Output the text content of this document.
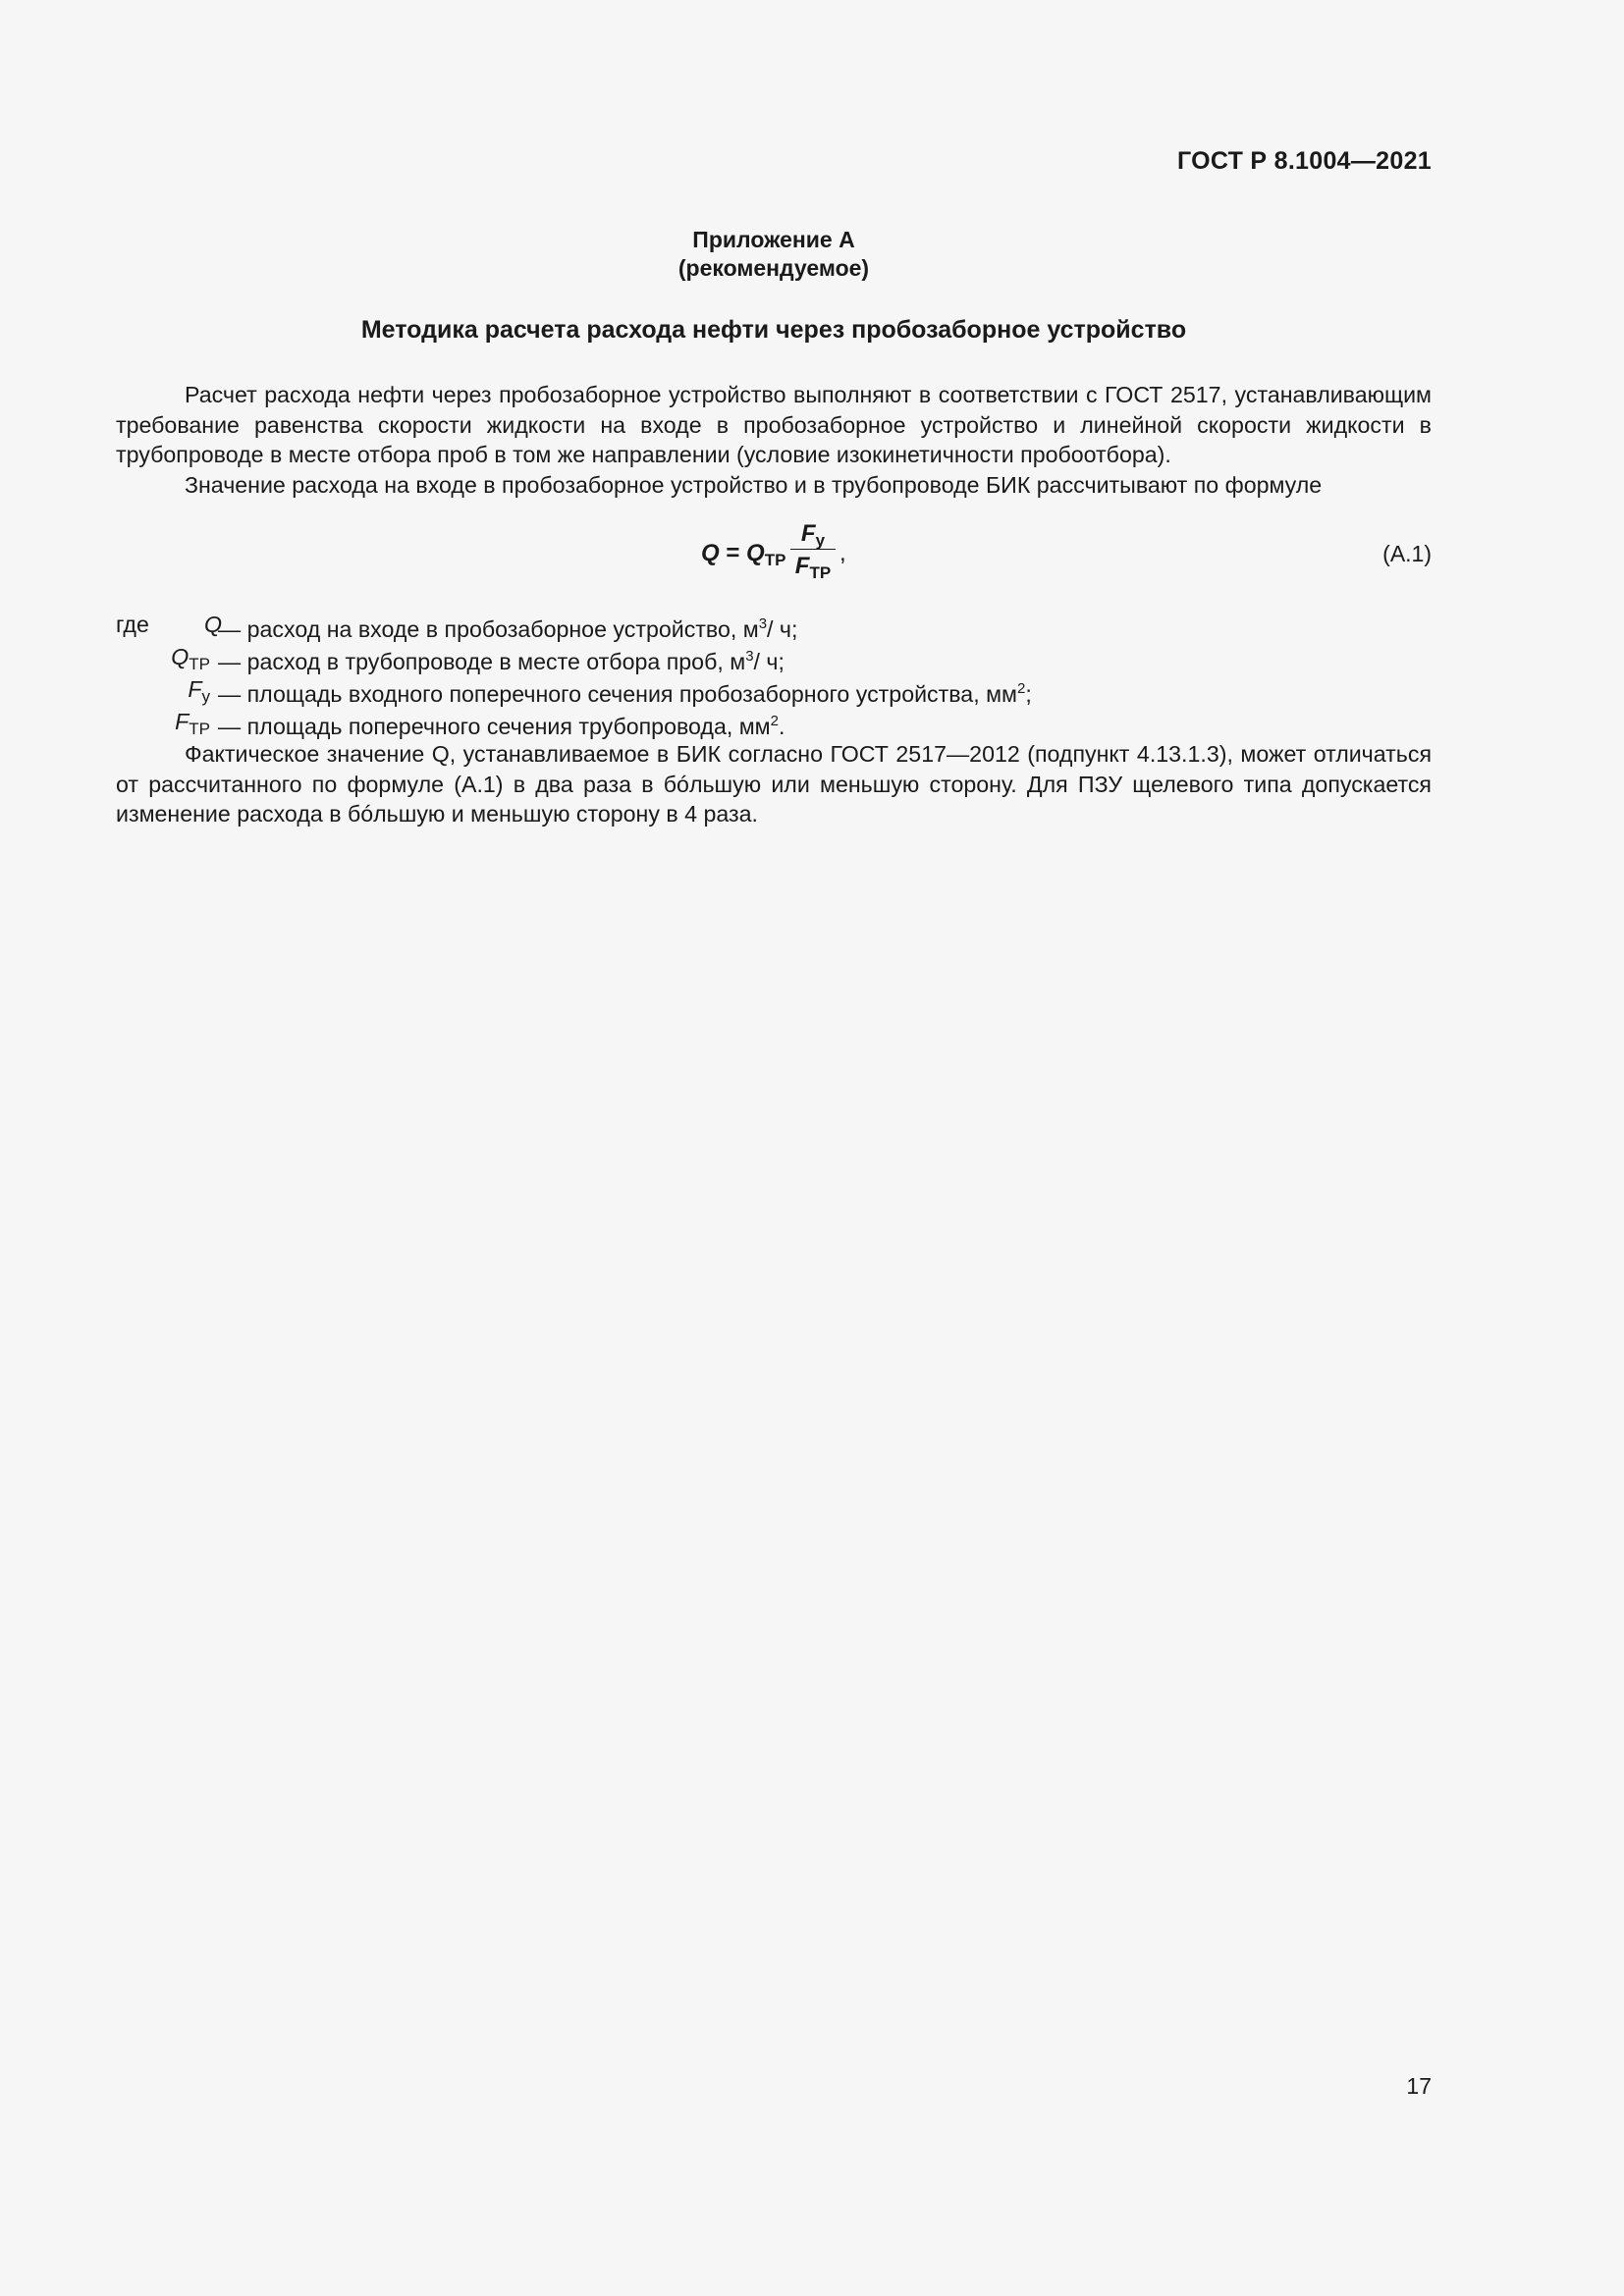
ГОСТ Р 8.1004—2021
Приложение А
(рекомендуемое)
Методика расчета расхода нефти через пробозаборное устройство

Расчет расхода нефти через пробозаборное устройство выполняют в соответствии с ГОСТ 2517, устанавливающим требование равенства скорости жидкости на входе в пробозаборное устройство и линейной скорости жидкости в трубопроводе в месте отбора проб в том же направлении (условие изокинетичности пробоотбора).

Значение расхода на входе в пробозаборное устройство и в трубопроводе БИК рассчитывают по формуле

$Q = Q_{ТР}$
$F_у$
$F_{ТР}$
,	(А.1)
где Q
— расход на входе в пробозаборное устройство, $м^3/$ ч;
$Q_{ТР}$ — расход в трубопроводе в месте отбора проб, $м^3/$ ч;
$F_у$ — площадь входного поперечного сечения пробозаборного устройства, $мм^2$;
$F_{ТР}$ — площадь поперечного сечения трубопровода, $мм^2$.

Фактическое значение Q, устанавливаемое в БИК согласно ГОСТ 2517—2012 (подпункт 4.13.1.3), может отличаться от рассчитанного по формуле (А.1) в два раза в бóльшую или меньшую сторону. Для ПЗУ щелевого типа допускается изменение расхода в бóльшую и меньшую сторону в 4 раза.

17
